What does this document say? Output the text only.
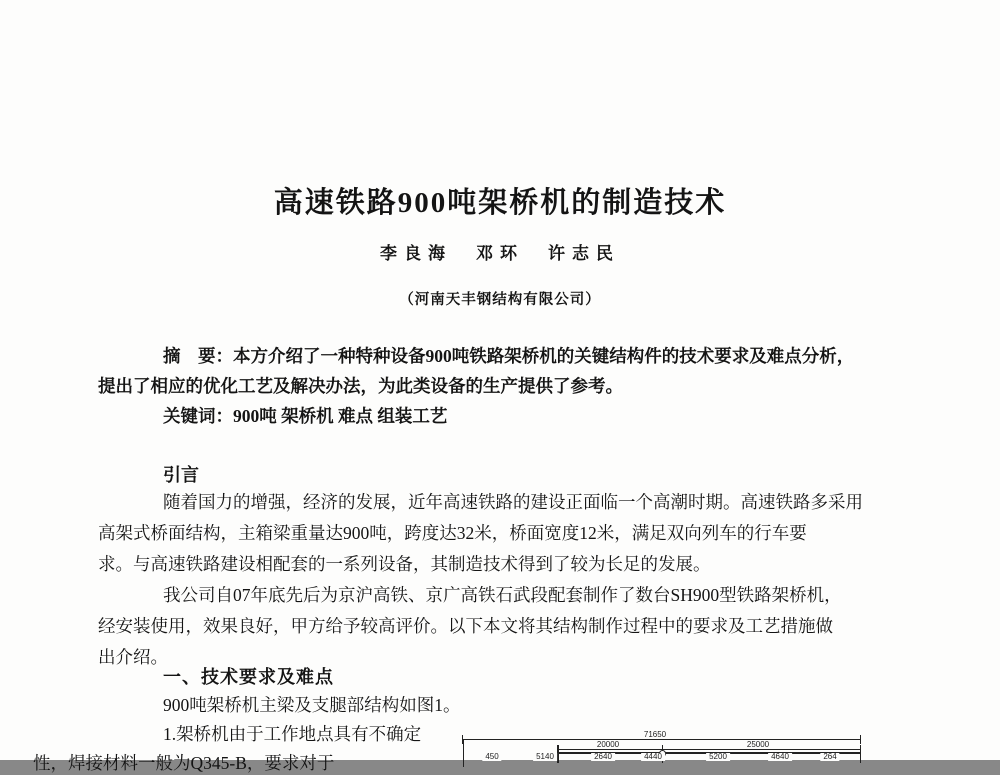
高速铁路900吨架桥机的制造技术
李良海　邓环　许志民
（河南天丰钢结构有限公司）
摘　要：本方介绍了一种特种设备900吨铁路架桥机的关键结构件的技术要求及难点分析，
提出了相应的优化工艺及解决办法，为此类设备的生产提供了参考。
关键词：900吨 架桥机 难点 组装工艺
引言
随着国力的增强，经济的发展，近年高速铁路的建设正面临一个高潮时期。高速铁路多采用
高架式桥面结构，主箱梁重量达900吨，跨度达32米，桥面宽度12米，满足双向列车的行车要
求。与高速铁路建设相配套的一系列设备，其制造技术得到了较为长足的发展。
我公司自07年底先后为京沪高铁、京广高铁石武段配套制作了数台SH900型铁路架桥机，
经安装使用，效果良好，甲方给予较高评价。以下本文将其结构制作过程中的要求及工艺措施做
出介绍。
一、技术要求及难点
900吨架桥机主梁及支腿部结构如图1。
1.架桥机由于工作地点具有不确定
性，焊接材料一般为Q345-B，要求对于
71650
20000	25000
450	5140	2640	4440	5200	4640	264
